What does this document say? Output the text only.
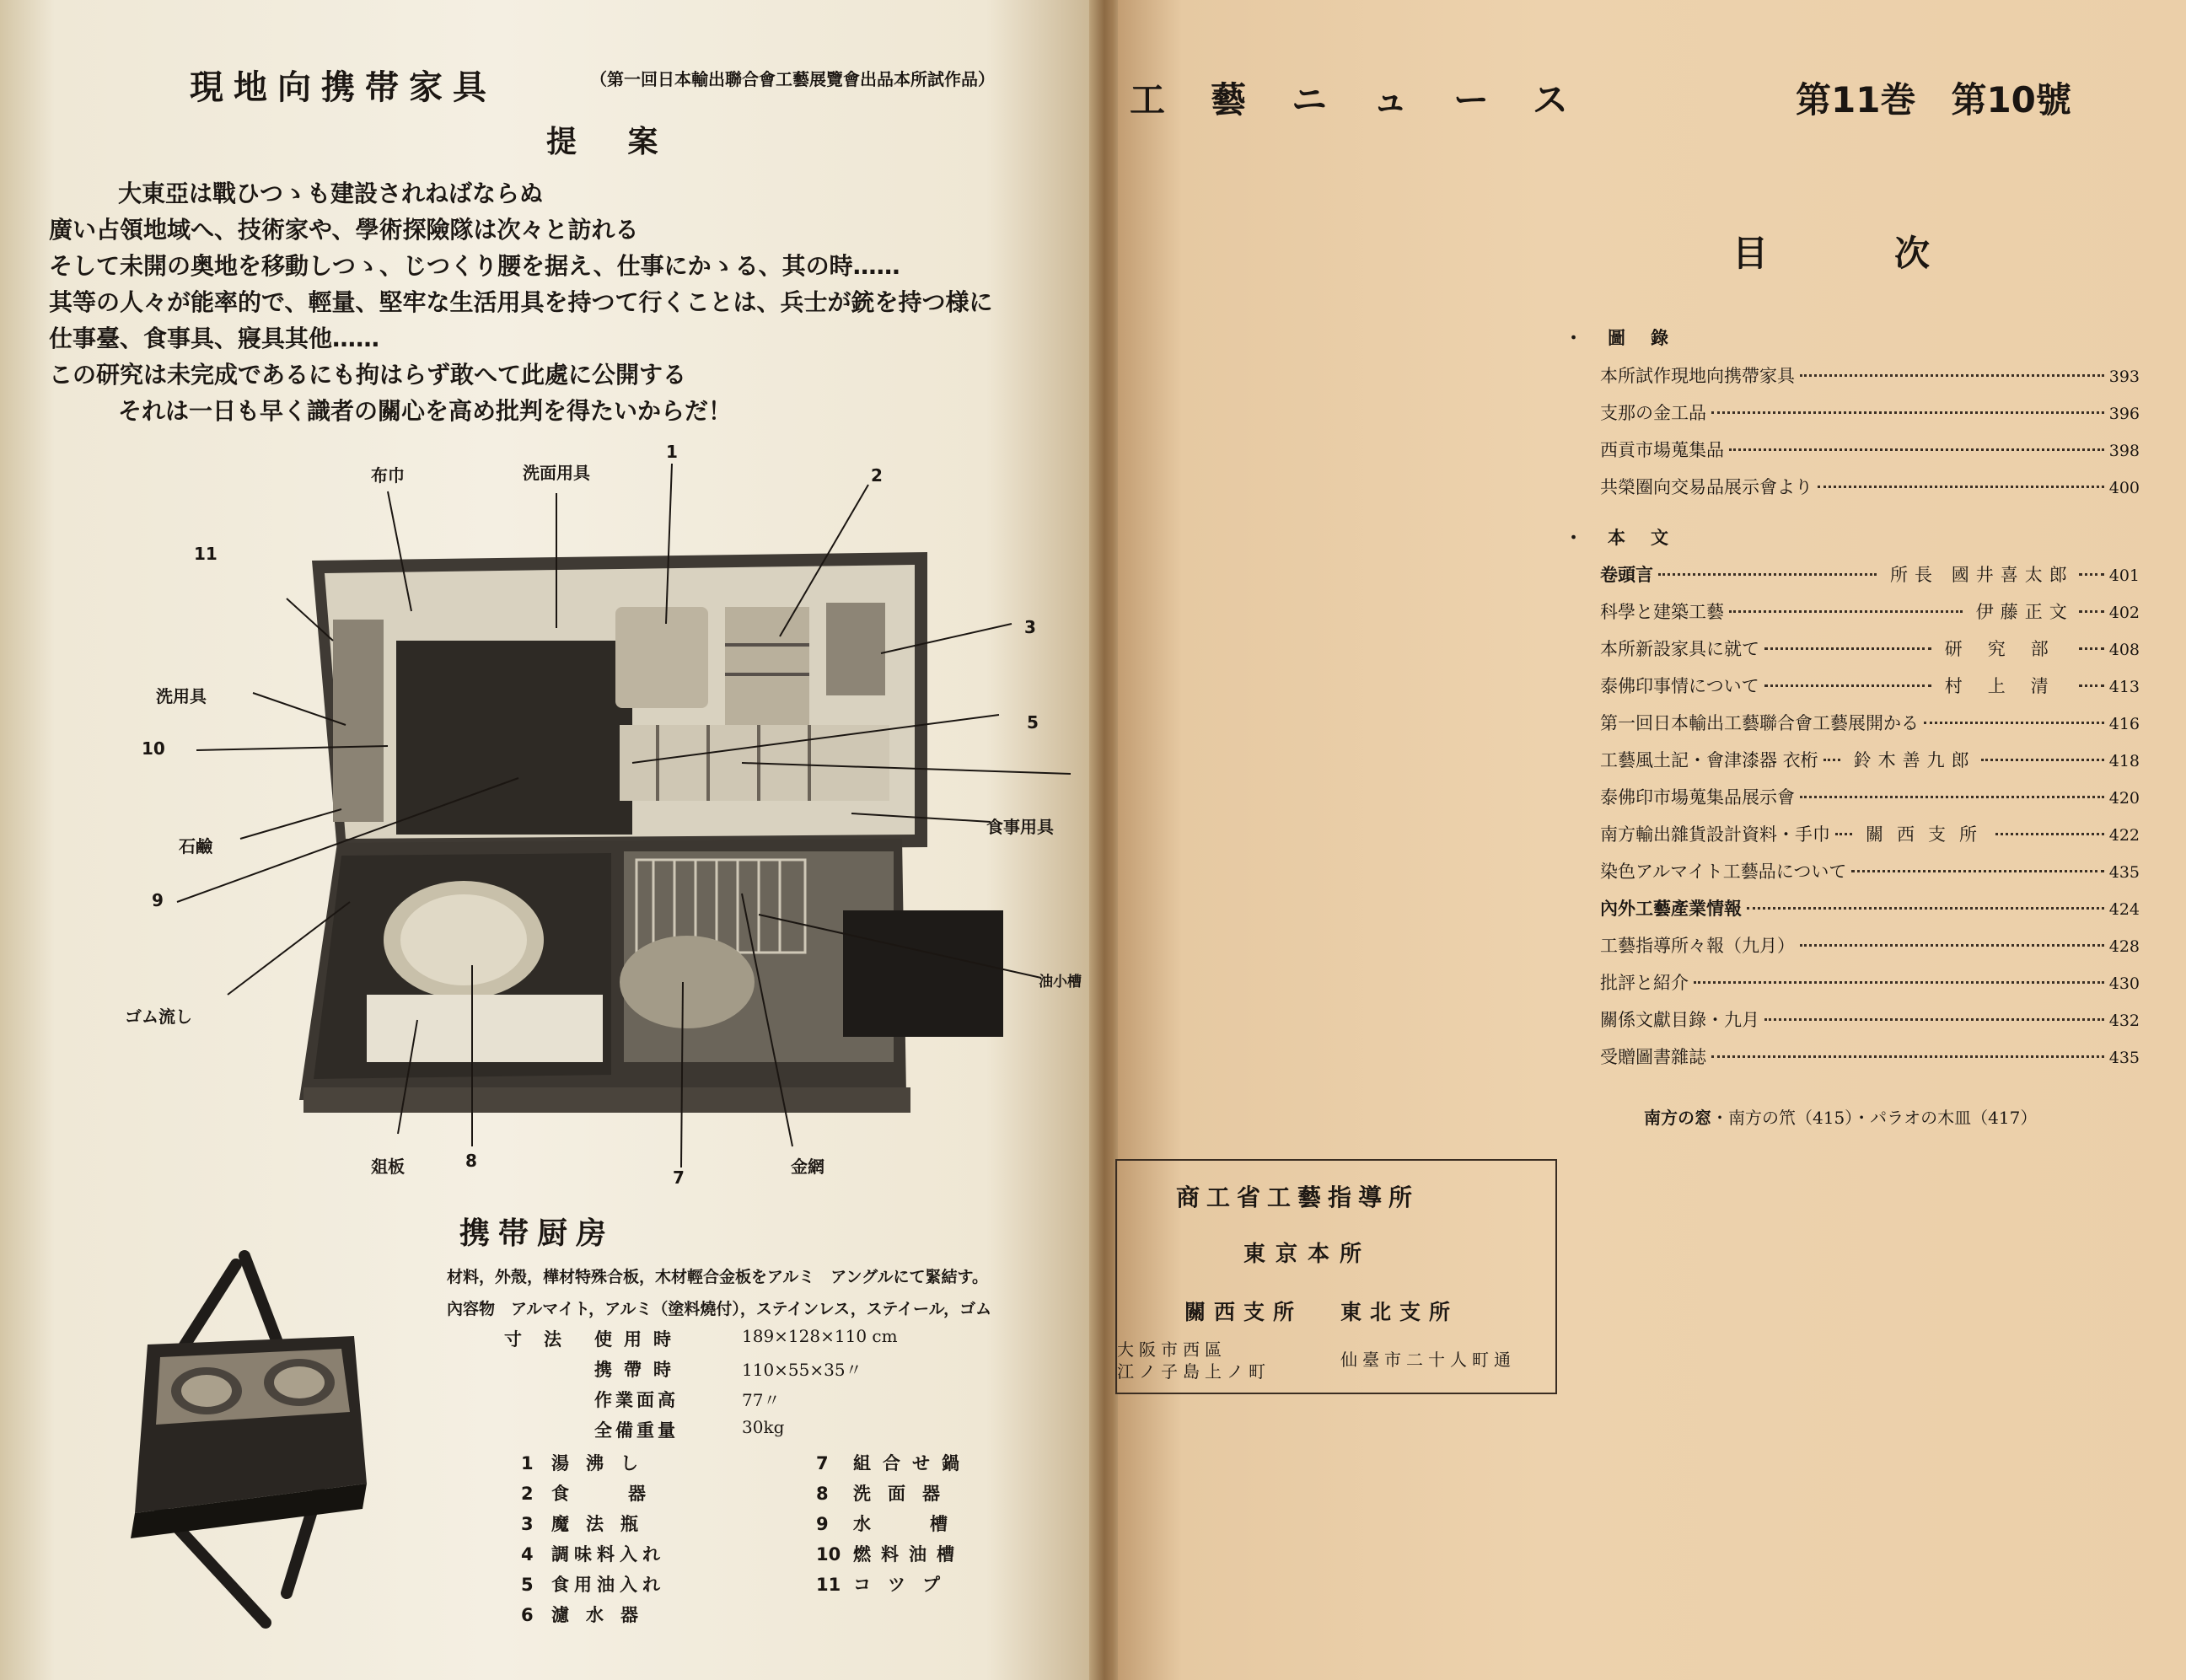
現地向携帯家具	（第一回日本輸出聯合會工藝展覽會出品本所試作品）
提 案
大東亞は戰ひつゝも建設されねばならぬ
廣い占領地域へ、技術家や、學術探險隊は次々と訪れる
そして未開の奥地を移動しつゝ、じつくり腰を据え、仕事にかゝる、其の時……
其等の人々が能率的で、輕量、堅牢な生活用具を持つて行くことは、兵士が銃を持つ様に
仕事臺、食事具、寢具其他……
この研究は未完成であるにも拘はらず敢へて此處に公開する
それは一日も早く識者の關心を高め批判を得たいからだ！
布巾	洗面用具
1
2
3
5
11
洗用具
10
石鹼
9
ゴム流し
食事用具
油小槽
爼板	8
7
金網
携帯厨房
材料，外殼，樺材特殊合板，木材輕合金板をアルミ　アングルにて緊結す。
內容物　アルマイト，アルミ（塗料燒付），ステインレス，ステイール，ゴム
寸法 使用時	189×128×110 cm
携帶時	110×55×35〃
作業面高	77〃
全備重量	30kg
1 湯沸し
2 食器
3 魔法瓶
4 調味料入れ
5 食用油入れ
6 濾水器
7 組合せ鍋
8 洗面器
9 水槽
10 燃料油槽
11 コツプ
工藝ニュース	第11巻　第10號
目次
・圖錄
・本文
本所試作現地向携帶家具	393
支那の金工品	396
西貢市場蒐集品	398
共榮圈向交易品展示會より	400
卷頭言	所長 國井喜太郎 401
科學と建築工藝	伊藤正文 402
本所新設家具に就て	研究部 408
泰佛印事情について	村上清 413
第一回日本輸出工藝聯合會工藝展開かる	416
工藝風土記・會津漆器 衣桁 鈴木善九郎	418
泰佛印市場蒐集品展示會	420
南方輸出雜貨設計資料・手巾 關西支所	422
染色アルマイト工藝品について	435
內外工藝產業情報	424
工藝指導所々報（九月）	428
批評と紹介	430
關係文獻目錄・九月	432
受贈圖書雜誌	435
南方の窓・南方の笊（415）・パラオの木皿（417）
商工省工藝指導所
東京本所
關西支所 東北支所
大阪市西區
江ノ子島上ノ町
仙臺市二十人町通
